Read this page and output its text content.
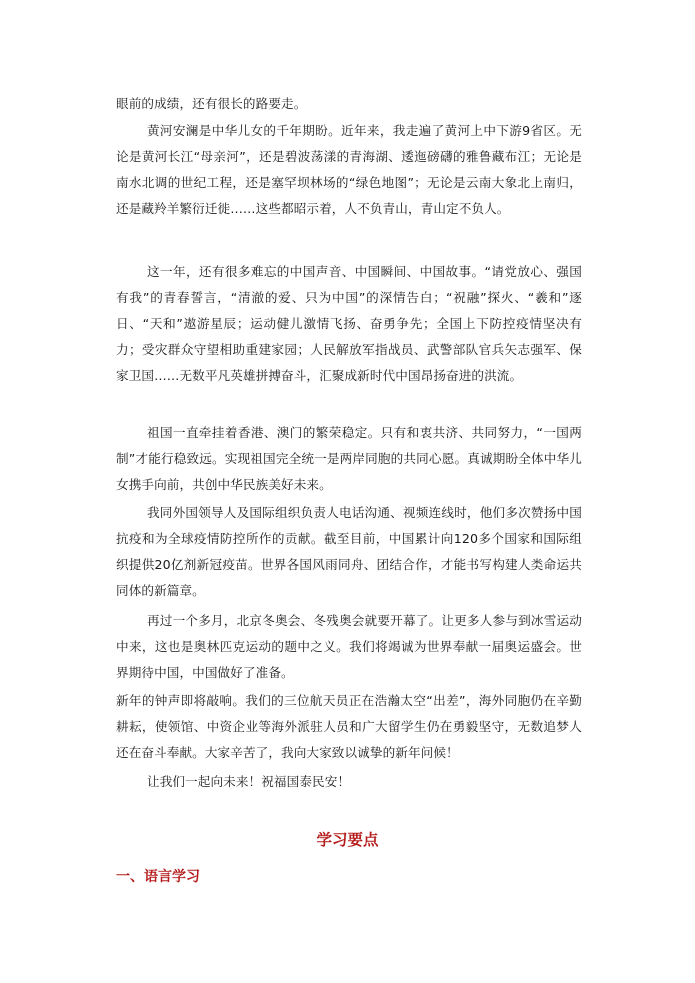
眼前的成绩，还有很长的路要走。

黄河安澜是中华儿女的千年期盼。近年来，我走遍了黄河上中下游9省区。无论是黄河长江“母亲河”，还是碧波荡漾的青海湖、逶迤磅礴的雅鲁藏布江；无论是南水北调的世纪工程，还是塞罕坝林场的“绿色地图”；无论是云南大象北上南归，还是藏羚羊繁衍迁徙……这些都昭示着，人不负青山，青山定不负人。

这一年，还有很多难忘的中国声音、中国瞬间、中国故事。“请党放心、强国有我”的青春誓言，“清澈的爱、只为中国”的深情告白；“祝融”探火、“羲和”逐日、“天和”遨游星辰；运动健儿激情飞扬、奋勇争先；全国上下防控疫情坚决有力；受灾群众守望相助重建家园；人民解放军指战员、武警部队官兵矢志强军、保家卫国……无数平凡英雄拼搏奋斗，汇聚成新时代中国昂扬奋进的洪流。

祖国一直牵挂着香港、澳门的繁荣稳定。只有和衷共济、共同努力，“一国两制”才能行稳致远。实现祖国完全统一是两岸同胞的共同心愿。真诚期盼全体中华儿女携手向前，共创中华民族美好未来。

我同外国领导人及国际组织负责人电话沟通、视频连线时，他们多次赞扬中国抗疫和为全球疫情防控所作的贡献。截至目前，中国累计向120多个国家和国际组织提供20亿剂新冠疫苗。世界各国风雨同舟、团结合作，才能书写构建人类命运共同体的新篇章。

再过一个多月，北京冬奥会、冬残奥会就要开幕了。让更多人参与到冰雪运动中来，这也是奥林匹克运动的题中之义。我们将竭诚为世界奉献一届奥运盛会。世界期待中国，中国做好了准备。

新年的钟声即将敲响。我们的三位航天员正在浩瀚太空“出差”，海外同胞仍在辛勤耕耘，使领馆、中资企业等海外派驻人员和广大留学生仍在勇毅坚守，无数追梦人还在奋斗奉献。大家辛苦了，我向大家致以诚挚的新年问候！

让我们一起向未来！祝福国泰民安！

学习要点
一、语言学习
